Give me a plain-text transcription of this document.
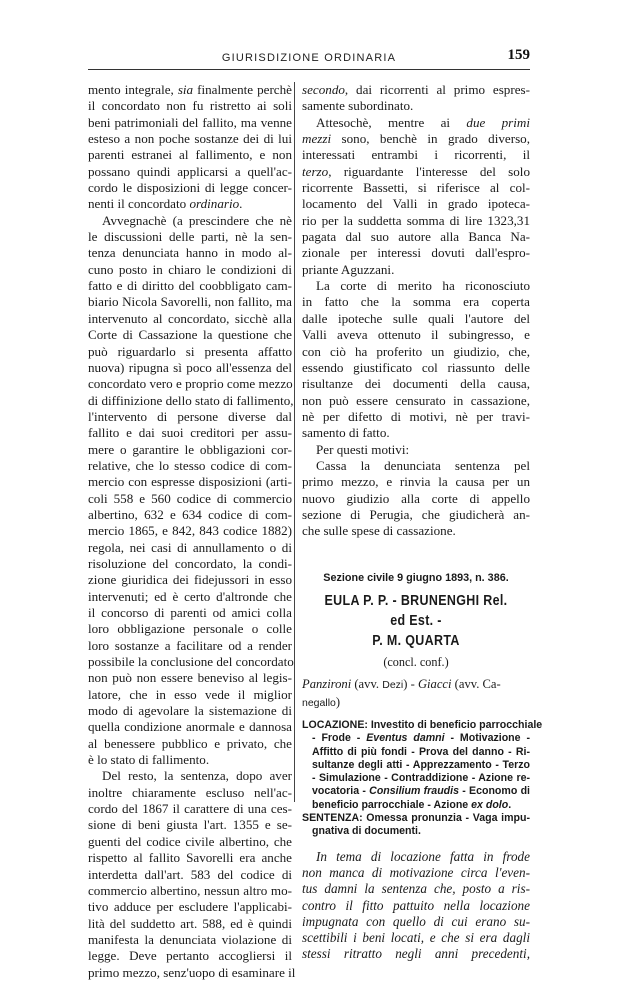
GIURISDIZIONE ORDINARIA	159
mento integrale, sia finalmente perchè
il concordato non fu ristretto ai soli
beni patrimoniali del fallito, ma venne
esteso a non poche sostanze dei di lui
parenti estranei al fallimento, e non
possano quindi applicarsi a quell'ac-
cordo le disposizioni di legge concer-
nenti il concordato ordinario.
Avvegnachè (a prescindere che nè
le discussioni delle parti, nè la sen-
tenza denunciata hanno in modo al-
cuno posto in chiaro le condizioni di
fatto e di diritto del coobbligato cam-
biario Nicola Savorelli, non fallito, ma
intervenuto al concordato, sicchè alla
Corte di Cassazione la questione che
può riguardarlo si presenta affatto
nuova) ripugna sì poco all'essenza del
concordato vero e proprio come mezzo
di diffinizione dello stato di fallimento,
l'intervento di persone diverse dal
fallito e dai suoi creditori per assu-
mere o garantire le obbligazioni cor-
relative, che lo stesso codice di com-
mercio con espresse disposizioni (arti-
coli 558 e 560 codice di commercio
albertino, 632 e 634 codice di com-
mercio 1865, e 842, 843 codice 1882)
regola, nei casi di annullamento o di
risoluzione del concordato, la condi-
zione giuridica dei fidejussori in esso
intervenuti; ed è certo d'altronde che
il concorso di parenti od amici colla
loro obbligazione personale o colle
loro sostanze a facilitare od a render
possibile la conclusione del concordato
non può non essere beneviso al legis-
latore, che in esso vede il miglior
modo di agevolare la sistemazione di
quella condizione anormale e dannosa
al benessere pubblico e privato, che
è lo stato di fallimento.
Del resto, la sentenza, dopo aver
inoltre chiaramente escluso nell'ac-
cordo del 1867 il carattere di una ces-
sione di beni giusta l'art. 1355 e se-
guenti del codice civile albertino, che
rispetto al fallito Savorelli era anche
interdetta dall'art. 583 del codice di
commercio albertino, nessun altro mo-
tivo adduce per escludere l'applicabi-
lità del suddetto art. 588, ed è quindi
manifesta la denunciata violazione di
legge. Deve pertanto accogliersi il
primo mezzo, senz'uopo di esaminare il
secondo, dai ricorrenti al primo espres-
samente subordinato.
Attesochè, mentre ai due primi
mezzi sono, benchè in grado diverso,
interessati entrambi i ricorrenti, il
terzo, riguardante l'interesse del solo
ricorrente Bassetti, si riferisce al col-
locamento del Valli in grado ipoteca-
rio per la suddetta somma di lire 1323,31
pagata dal suo autore alla Banca Na-
zionale per interessi dovuti dall'espro-
priante Aguzzani.
La corte di merito ha riconosciuto
in fatto che la somma era coperta
dalle ipoteche sulle quali l'autore del
Valli aveva ottenuto il subingresso, e
con ciò ha proferito un giudizio, che,
essendo giustificato col riassunto delle
risultanze dei documenti della causa,
non può essere censurato in cassazione,
nè per difetto di motivi, nè per travi-
samento di fatto.
Per questi motivi:
Cassa la denunciata sentenza pel
primo mezzo, e rinvia la causa per un
nuovo giudizio alla corte di appello
sezione di Perugia, che giudicherà an-
che sulle spese di cassazione.
Sezione civile 9 giugno 1893, n. 386.
EULA P. P. - BRUNENGHI Rel. ed Est. -
P. M. QUARTA
(concl. conf.)
Panzironi (avv. Dezi) - Giacci (avv. Ca-
negallo)
LOCAZIONE: Investito di beneficio parrocchiale
- Frode - Eventus damni - Motivazione -
Affitto di più fondi - Prova del danno - Ri-
sultanze degli atti - Apprezzamento - Terzo
- Simulazione - Contraddizione - Azione re-
vocatoria - Consilium fraudis - Economo di
beneficio parrocchiale - Azione ex dolo.
SENTENZA: Omessa pronunzia - Vaga impu-
gnativa di documenti.
In tema di locazione fatta in frode
non manca di motivazione circa l'even-
tus damni la sentenza che, posto a ris-
contro il fitto pattuito nella locazione
impugnata con quello di cui erano su-
scettibili i beni locati, e che si era dagli
stessi ritratto negli anni precedenti,
